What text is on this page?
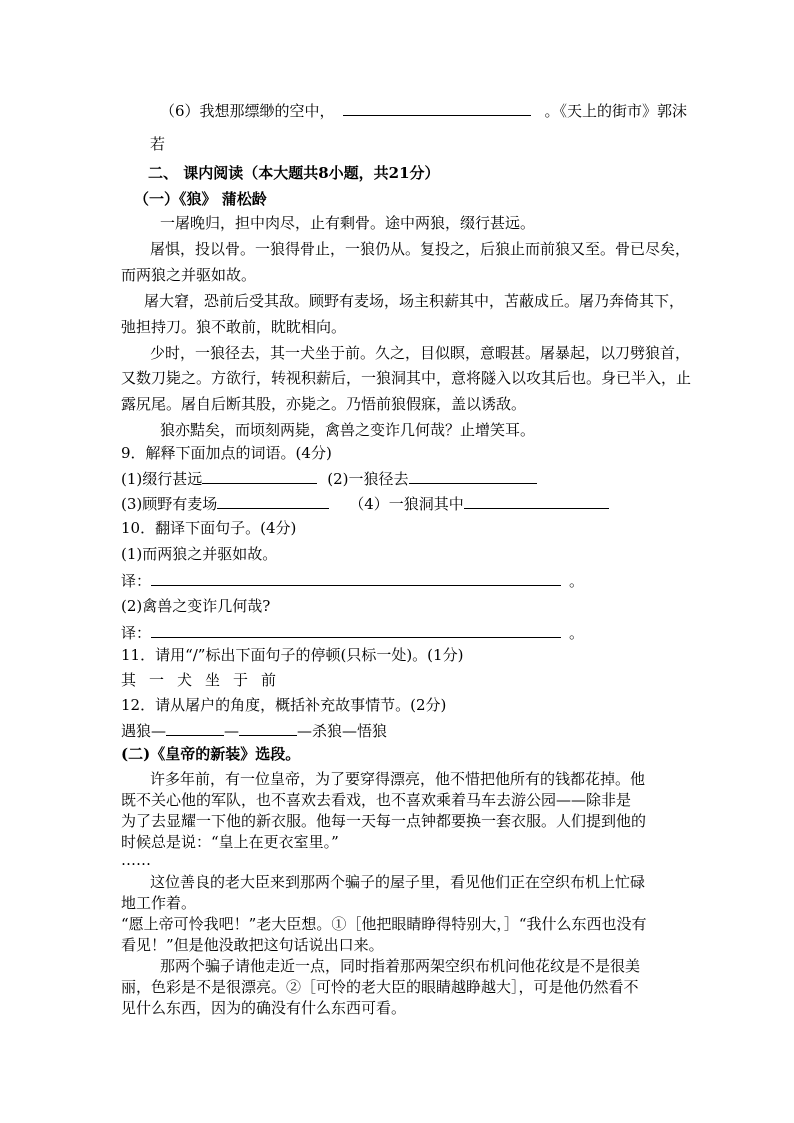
（6）我想那缥缈的空中，	。《天上的街市》郭沫
若
二、 课内阅读（本大题共8小题，共21分）
（一）《狼》 蒲松龄
一屠晚归，担中肉尽，止有剩骨。途中两狼，缀行甚远。
屠惧，投以骨。一狼得骨止，一狼仍从。复投之，后狼止而前狼又至。骨已尽矣，
而两狼之并驱如故。
屠大窘，恐前后受其敌。顾野有麦场，场主积薪其中，苫蔽成丘。屠乃奔倚其下，
弛担持刀。狼不敢前，眈眈相向。
少时，一狼径去，其一犬坐于前。久之，目似瞑，意暇甚。屠暴起，以刀劈狼首，
又数刀毙之。方欲行，转视积薪后，一狼洞其中，意将隧入以攻其后也。身已半入，止
露尻尾。屠自后断其股，亦毙之。乃悟前狼假寐，盖以诱敌。
狼亦黠矣，而顷刻两毙，禽兽之变诈几何哉？止增笑耳。
9．解释下面加点的词语。(4分)
(1)缀行甚远	(2)一狼径去
(3)顾野有麦场	（4）一狼洞其中
10．翻译下面句子。(4分)
(1)而两狼之并驱如故。
译：	。
(2)禽兽之变诈几何哉?
译：	。
11．请用“/”标出下面句子的停顿(只标一处)。(1分)
其 一 犬 坐 于 前
12．请从屠户的角度，概括补充故事情节。(2分)
遇狼—	—	—杀狼—悟狼
(二)《皇帝的新装》选段。
许多年前，有一位皇帝，为了要穿得漂亮，他不惜把他所有的钱都花掉。他
既不关心他的军队，也不喜欢去看戏，也不喜欢乘着马车去游公园——除非是
为了去显耀一下他的新衣服。他每一天每一点钟都要换一套衣服。人们提到他的
时候总是说：“皇上在更衣室里。”
……
这位善良的老大臣来到那两个骗子的屋子里，看见他们正在空织布机上忙碌
地工作着。
“愿上帝可怜我吧！”老大臣想。①［他把眼睛睁得特别大，］“我什么东西也没有
看见！”但是他没敢把这句话说出口来。
那两个骗子请他走近一点，同时指着那两架空织布机问他花纹是不是很美
丽，色彩是不是很漂亮。②［可怜的老大臣的眼睛越睁越大］，可是他仍然看不
见什么东西，因为的确没有什么东西可看。
